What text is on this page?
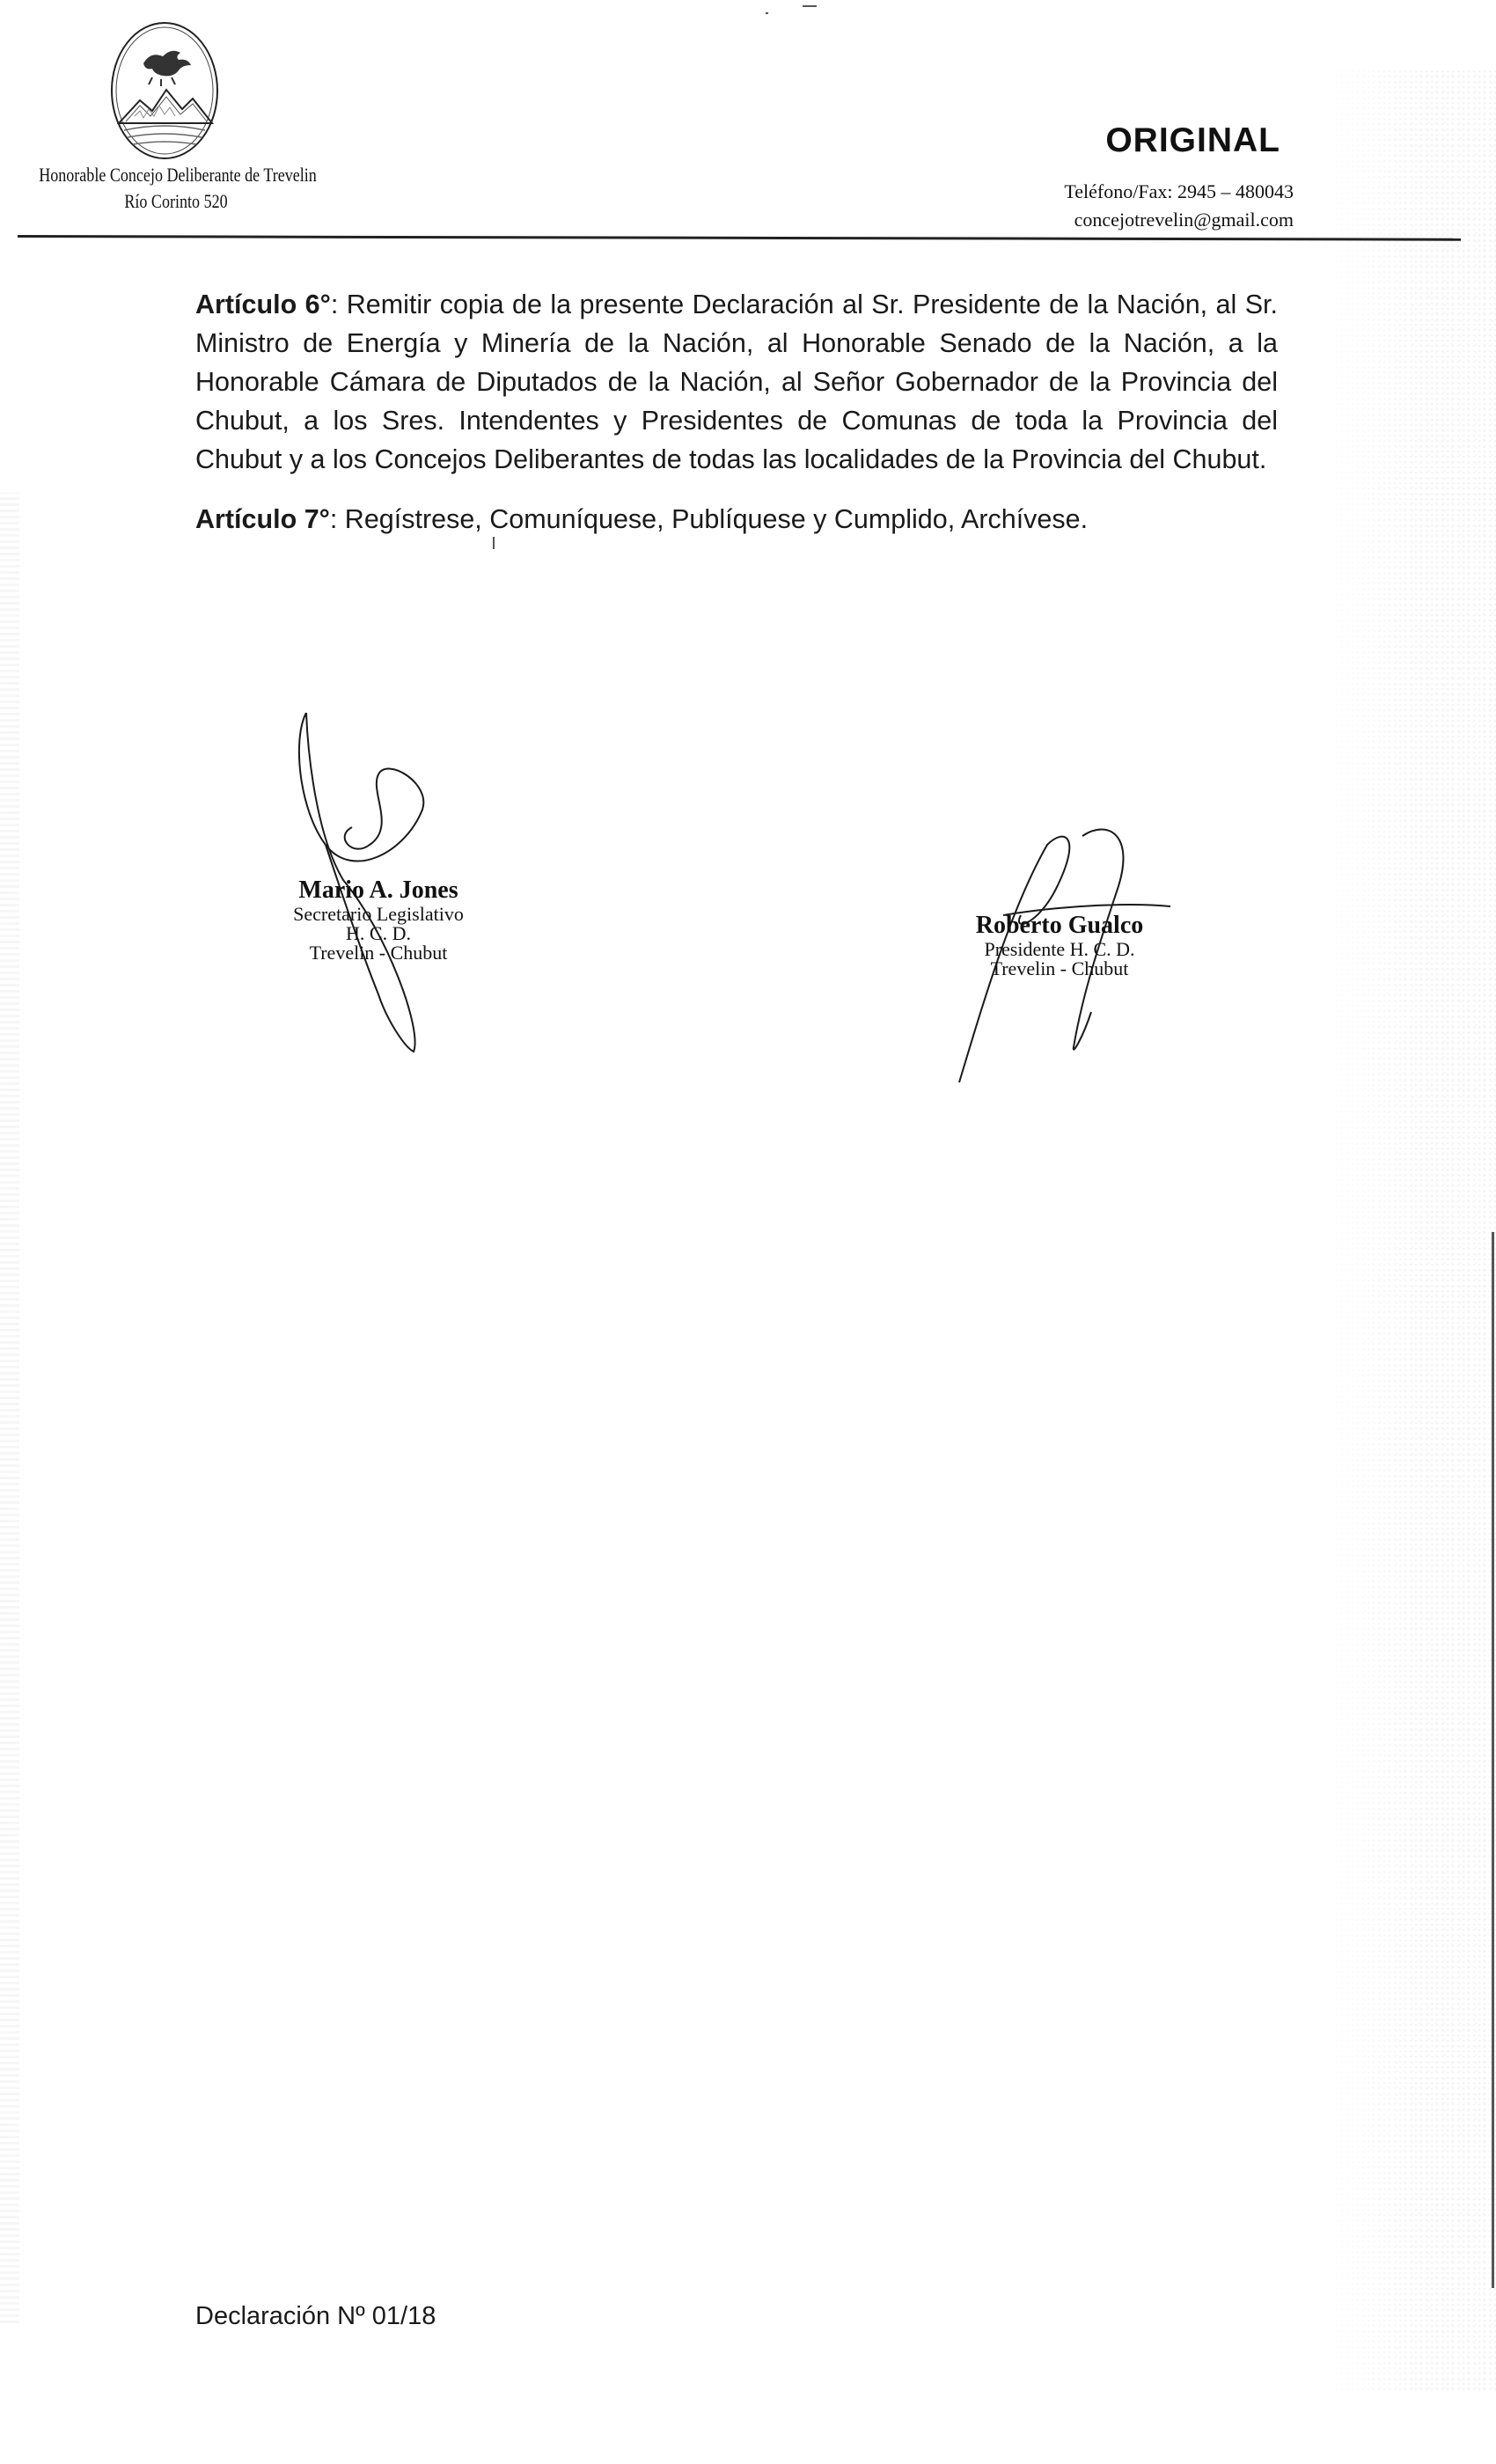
Honorable Concejo Deliberante de Trevelin
Río Corinto 520
ORIGINAL
Teléfono/Fax: 2945 – 480043
concejotrevelin@gmail.com

Artículo 6°: Remitir copia de la presente Declaración al Sr. Presidente de la Nación, al Sr. Ministro de Energía y Minería de la Nación, al Honorable Senado de la Nación, a la Honorable Cámara de Diputados de la Nación, al Señor Gobernador de la Provincia del Chubut, a los Sres. Intendentes y Presidentes de Comunas de toda la Provincia del Chubut y a los Concejos Deliberantes de todas las localidades de la Provincia del Chubut.

Artículo 7°: Regístrese, Comuníquese, Publíquese y Cumplido, Archívese.

Mario A. Jones
Secretario Legislativo
H. C. D.
Trevelin - Chubut
Roberto Gualco
Presidente H. C. D.
Trevelin - Chubut
Declaración Nº 01/18
